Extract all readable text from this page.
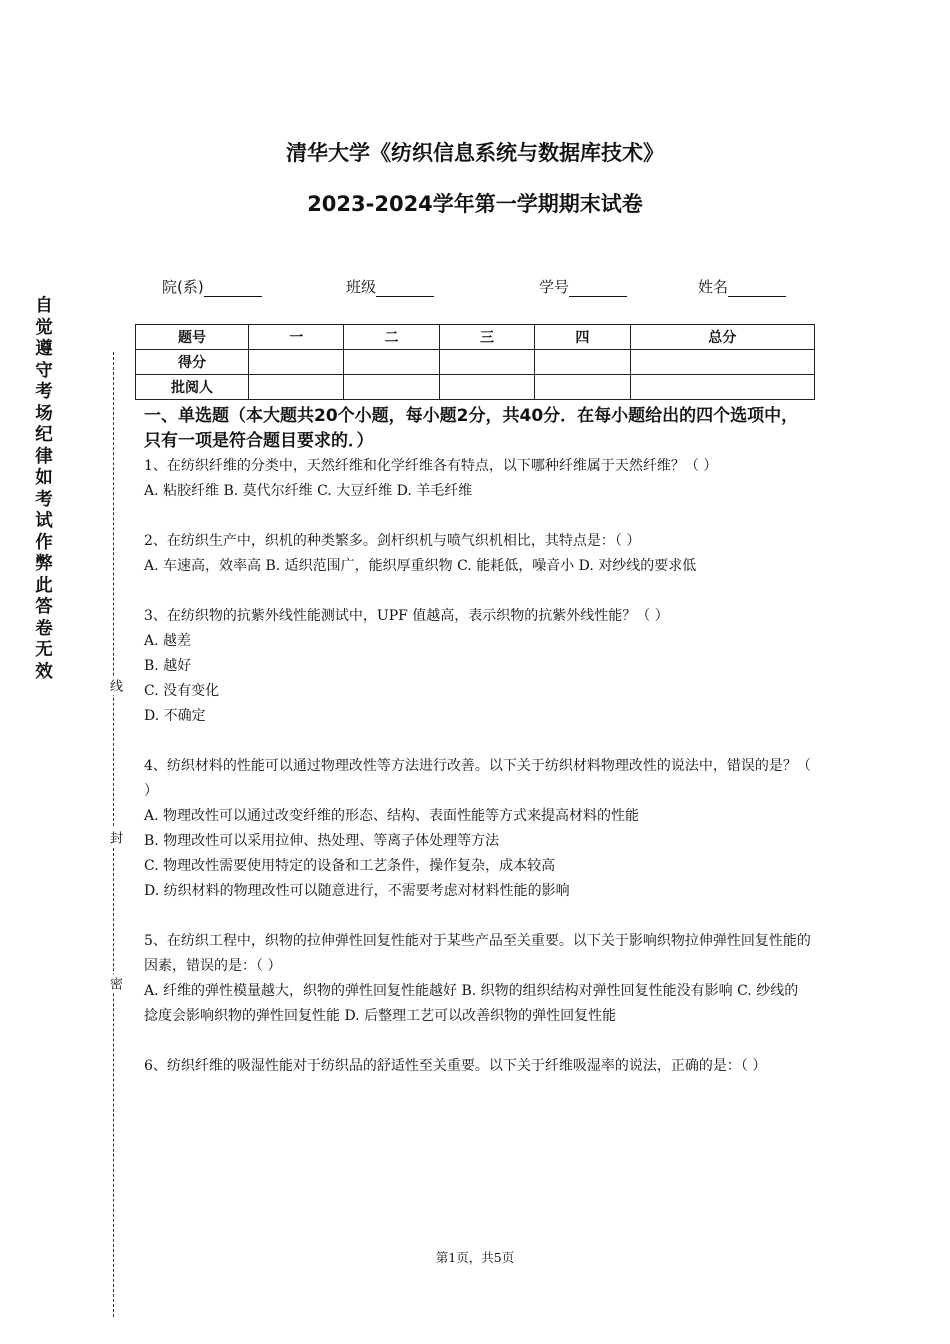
清华大学《纺织信息系统与数据库技术》
2023-2024学年第一学期期末试卷
院(系)	班级	学号	姓名
题号	一	二	三	四	总分
得分					
批阅人					
自觉遵守考场纪律如考试作弊此答卷无效
线
封
密
一、单选题（本大题共20个小题，每小题2分，共40分．在每小题给出的四个选项中，只有一项是符合题目要求的．）

1、在纺织纤维的分类中，天然纤维和化学纤维各有特点，以下哪种纤维属于天然纤维？（ ）

A. 粘胶纤维 B. 莫代尔纤维 C. 大豆纤维 D. 羊毛纤维

2、在纺织生产中，织机的种类繁多。剑杆织机与喷气织机相比，其特点是：（ ）

A. 车速高，效率高 B. 适织范围广，能织厚重织物 C. 能耗低，噪音小 D. 对纱线的要求低

3、在纺织物的抗紫外线性能测试中，UPF 值越高，表示织物的抗紫外线性能？（ ）

A. 越差

B. 越好

C. 没有变化

D. 不确定

4、纺织材料的性能可以通过物理改性等方法进行改善。以下关于纺织材料物理改性的说法中，错误的是？（ ）

A. 物理改性可以通过改变纤维的形态、结构、表面性能等方式来提高材料的性能

B. 物理改性可以采用拉伸、热处理、等离子体处理等方法

C. 物理改性需要使用特定的设备和工艺条件，操作复杂，成本较高

D. 纺织材料的物理改性可以随意进行，不需要考虑对材料性能的影响

5、在纺织工程中，织物的拉伸弹性回复性能对于某些产品至关重要。以下关于影响织物拉伸弹性回复性能的因素，错误的是：（ ）

A. 纤维的弹性模量越大，织物的弹性回复性能越好 B. 织物的组织结构对弹性回复性能没有影响 C. 纱线的捻度会影响织物的弹性回复性能 D. 后整理工艺可以改善织物的弹性回复性能

6、纺织纤维的吸湿性能对于纺织品的舒适性至关重要。以下关于纤维吸湿率的说法，正确的是：（ ）

第1页，共5页
